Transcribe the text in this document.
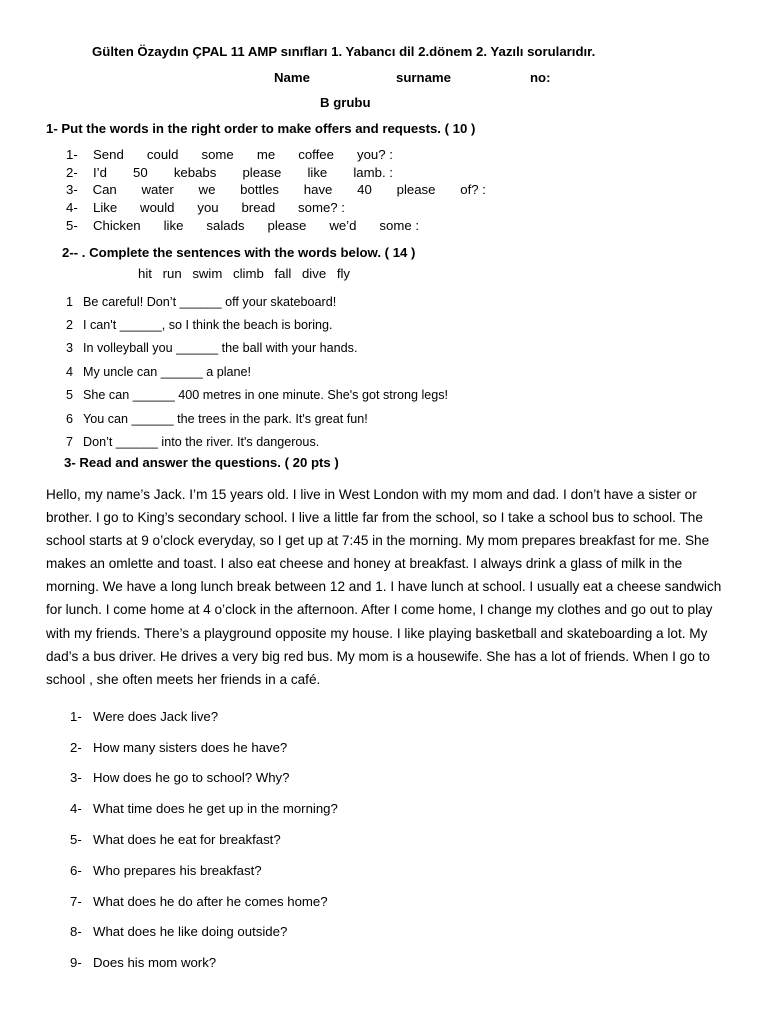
Gülten Özaydın ÇPAL 11 AMP sınıfları 1. Yabancı dil 2.dönem 2. Yazılı sorularıdır.
Name	surname	no:
B grubu
1- Put the words in the right order to make offers and requests. ( 10 )
1-	Send could some me coffee you? :
2-	I’d 50 kebabs please like lamb. :
3-	Can water we bottles have 40 please of? :
4-	Like would you bread some? :
5-	Chicken like salads please we’d some :
2-- . Complete the sentences with the words below. ( 14 )
hit run swim climb fall dive fly
1 Be careful! Don’t ______ off your skateboard!
2 I can't ______, so I think the beach is boring.
3 In volleyball you ______ the ball with your hands.
4 My uncle can ______ a plane!
5 She can ______ 400 metres in one minute. She's got strong legs!
6 You can ______ the trees in the park. It's great fun!
7 Don’t ______ into the river. It's dangerous.
3- Read and answer the questions. ( 20 pts )
Hello, my name’s Jack. I’m 15 years old. I live in West London with my mom and dad. I don’t have a sister or brother. I go to King’s secondary school. I live a little far from the school, so I take a school bus to school. The school starts at 9 o’clock everyday, so I get up at 7:45 in the morning. My mom prepares breakfast for me. She makes an omlette and toast. I also eat cheese and honey at breakfast. I always drink a glass of milk in the morning. We have a long lunch break between 12 and 1. I have lunch at school. I usually eat a cheese sandwich for lunch. I come home at 4 o’clock in the afternoon. After I come home, I change my clothes and go out to play with my friends. There’s a playground opposite my house. I like playing basketball and skateboarding a lot. My dad’s a bus driver. He drives a very big red bus. My mom is a housewife. She has a lot of friends. When I go to school , she often meets her friends in a café.
1- Were does Jack live?
2- How many sisters does he have?
3- How does he go to school? Why?
4- What time does he get up in the morning?
5- What does he eat for breakfast?
6- Who prepares his breakfast?
7- What does he do after he comes home?
8- What does he like doing outside?
9- Does his mom work?
